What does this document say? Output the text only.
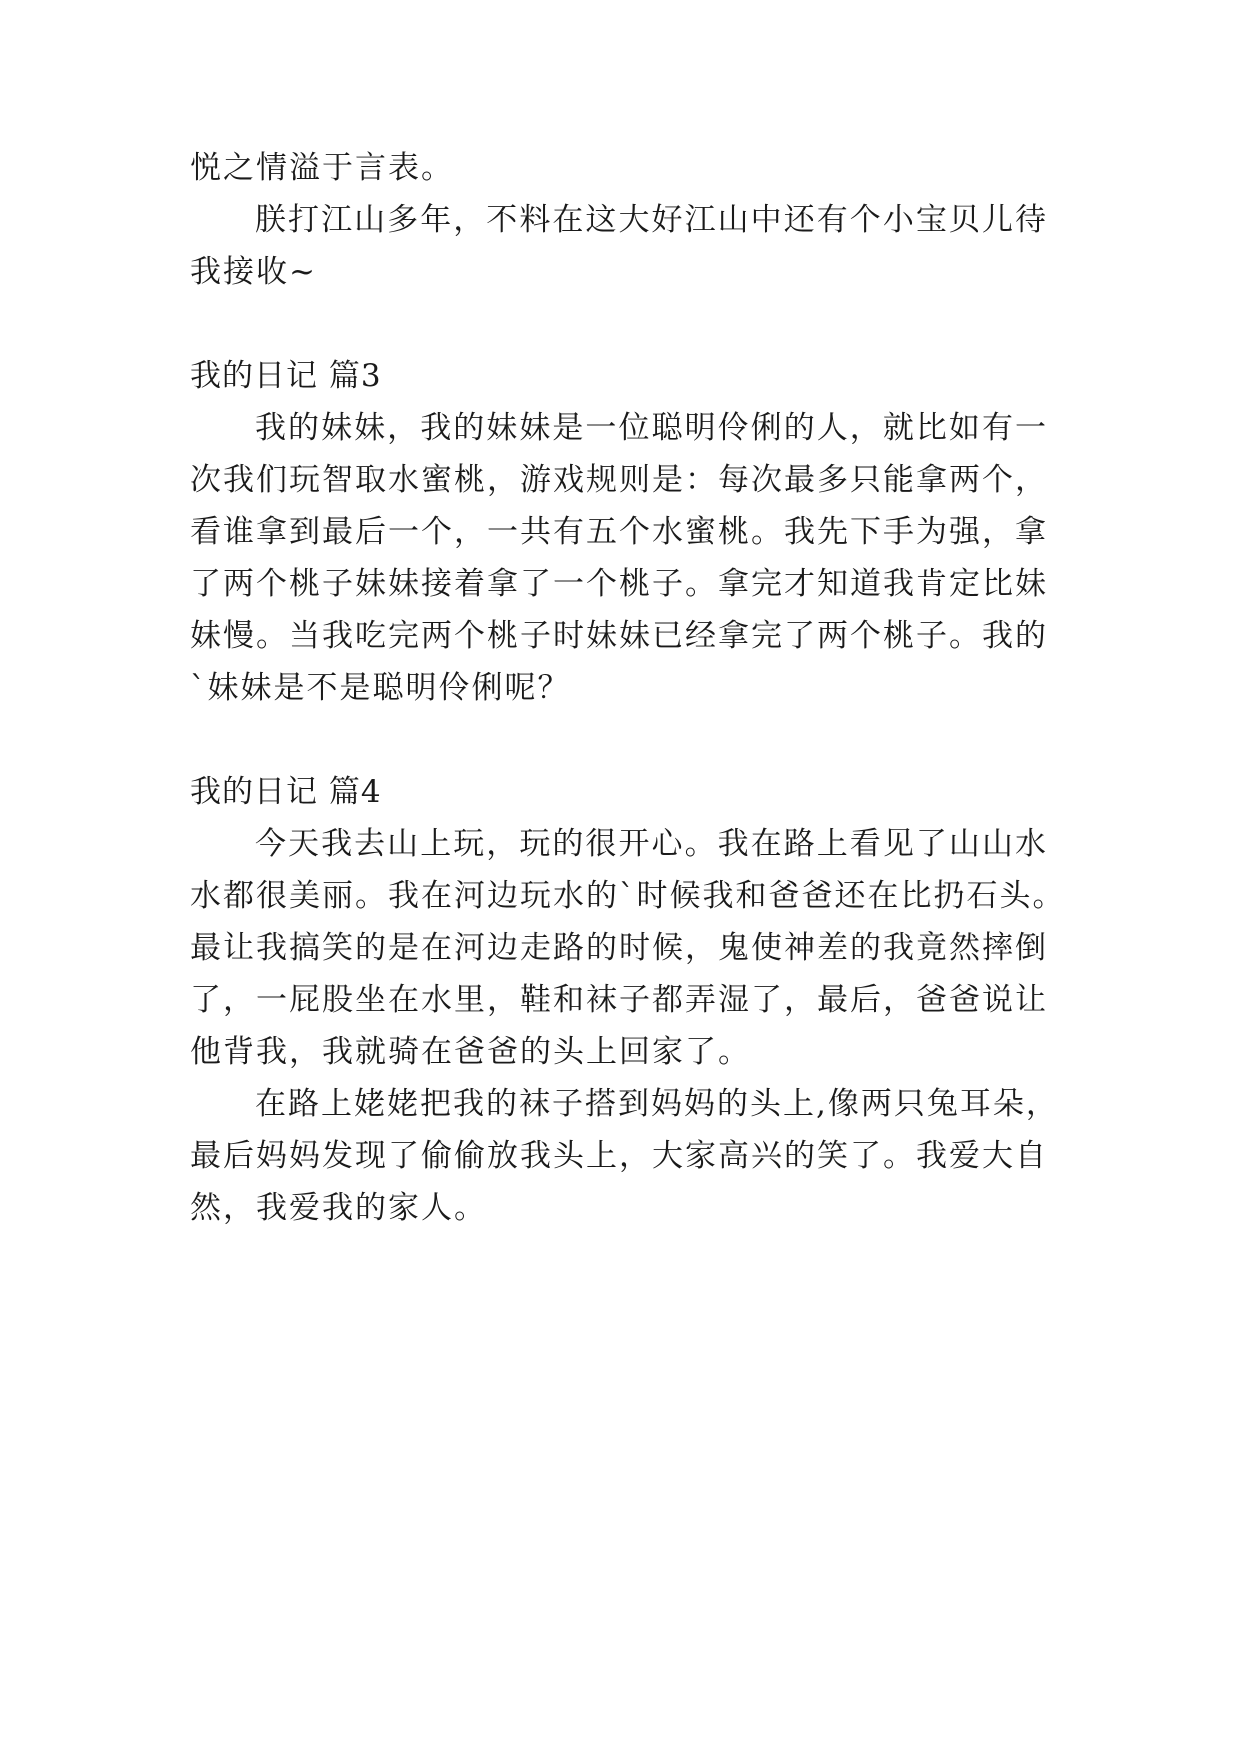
悦之情溢于言表。
朕打江山多年，不料在这大好江山中还有个小宝贝儿待
我接收~
我的日记 篇3
我的妹妹，我的妹妹是一位聪明伶俐的人，就比如有一
次我们玩智取水蜜桃，游戏规则是：每次最多只能拿两个，
看谁拿到最后一个，一共有五个水蜜桃。我先下手为强，拿
了两个桃子妹妹接着拿了一个桃子。拿完才知道我肯定比妹
妹慢。当我吃完两个桃子时妹妹已经拿完了两个桃子。我的
`妹妹是不是聪明伶俐呢？
我的日记 篇4
今天我去山上玩，玩的很开心。我在路上看见了山山水
水都很美丽。我在河边玩水的`时候我和爸爸还在比扔石头。
最让我搞笑的是在河边走路的时候，鬼使神差的我竟然摔倒
了，一屁股坐在水里，鞋和袜子都弄湿了，最后，爸爸说让
他背我，我就骑在爸爸的头上回家了。
在路上姥姥把我的袜子搭到妈妈的头上,像两只兔耳朵，
最后妈妈发现了偷偷放我头上，大家高兴的笑了。我爱大自
然，我爱我的家人。
